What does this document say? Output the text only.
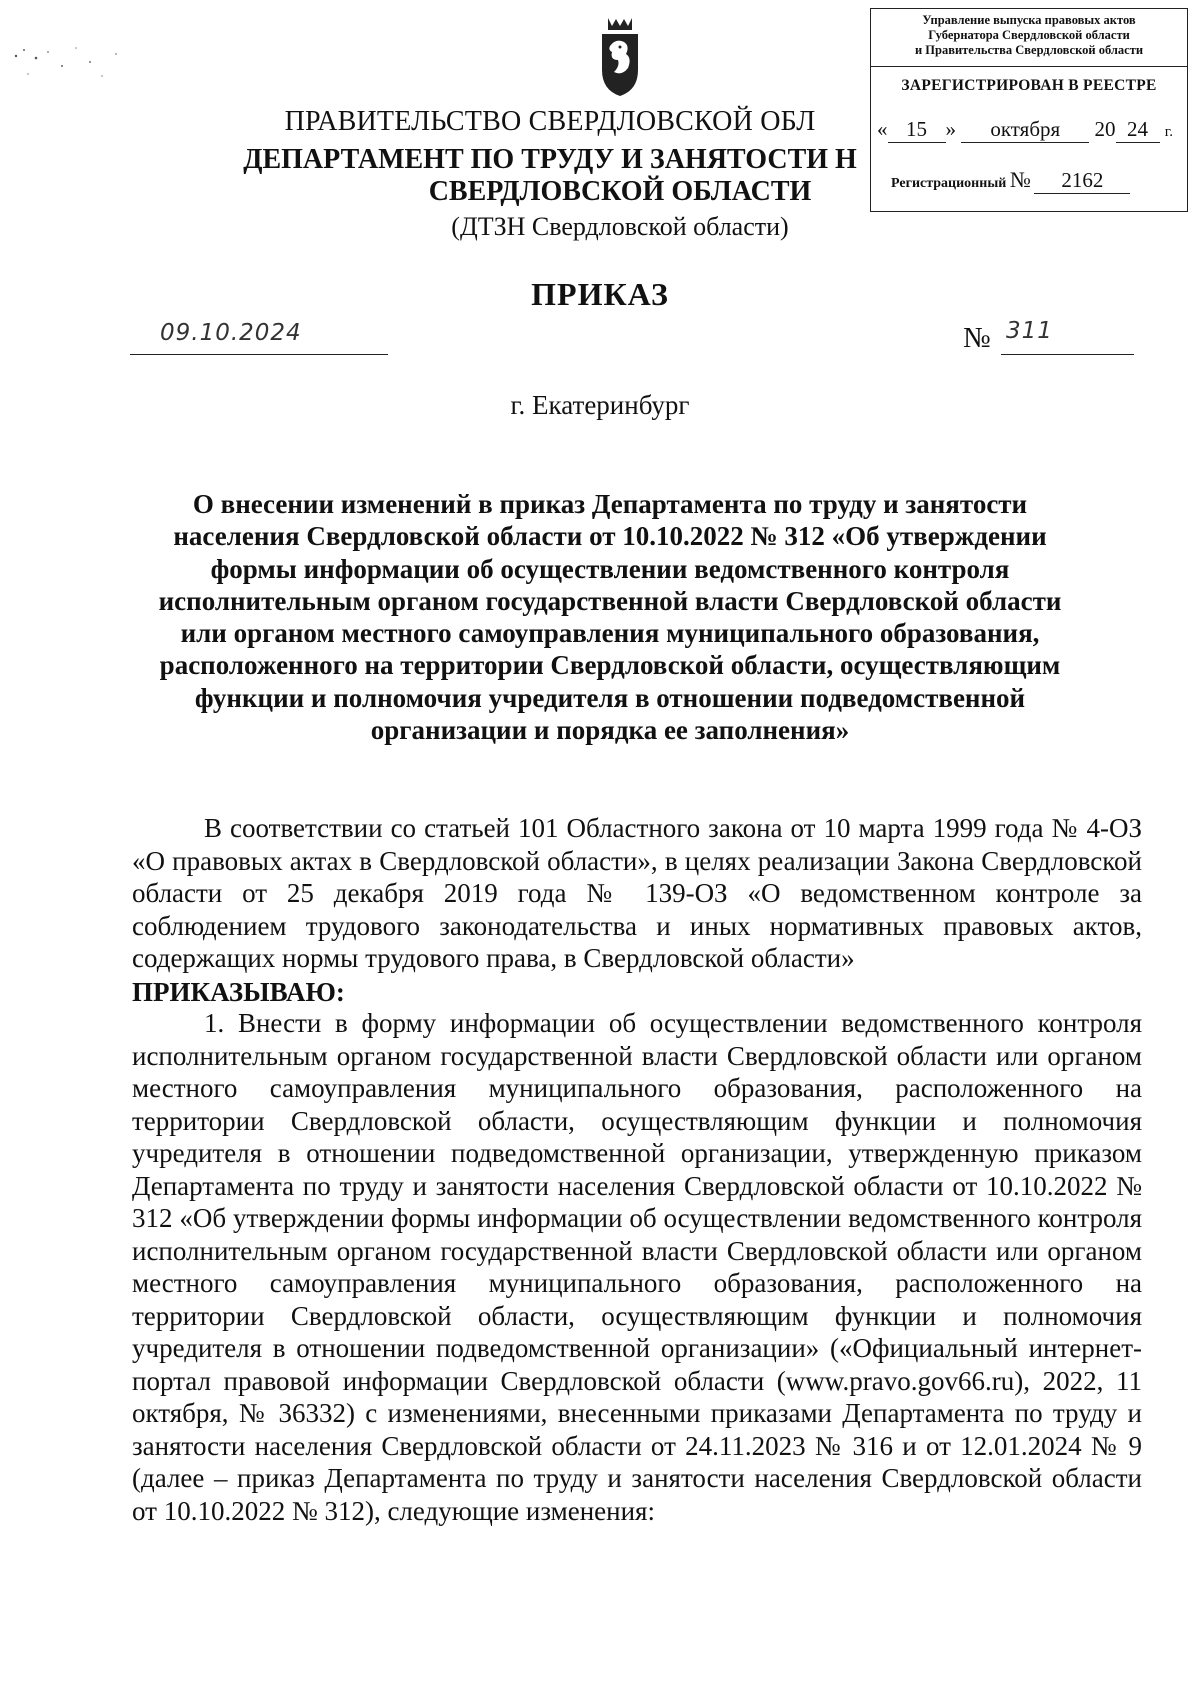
ПРАВИТЕЛЬСТВО СВЕРДЛОВСКОЙ ОБЛ
ДЕПАРТАМЕНТ ПО ТРУДУ И ЗАНЯТОСТИ Н
СВЕРДЛОВСКОЙ ОБЛАСТИ
(ДТЗН Свердловской области)
Управление выпуска правовых актов
Губернатора Свердловской области
и Правительства Свердловской области
ЗАРЕГИСТРИРОВАН В РЕЕСТРЕ
« 15 » октября 20 24 г.
Регистрационный № 2162
ПРИКАЗ
09.10.2024	№ 311
г. Екатеринбург
О внесении изменений в приказ Департамента по труду и занятости населения Свердловской области от 10.10.2022 № 312 «Об утверждении формы информации об осуществлении ведомственного контроля исполнительным органом государственной власти Свердловской области или органом местного самоуправления муниципального образования, расположенного на территории Свердловской области, осуществляющим функции и полномочия учредителя в отношении подведомственной организации и порядка ее заполнения»
В соответствии со статьей 101 Областного закона от 10 марта 1999 года № 4-ОЗ «О правовых актах в Свердловской области», в целях реализации Закона Свердловской области от 25 декабря 2019 года № 139-ОЗ «О ведомственном контроле за соблюдением трудового законодательства и иных нормативных правовых актов, содержащих нормы трудового права, в Свердловской области»
ПРИКАЗЫВАЮ:
1. Внести в форму информации об осуществлении ведомственного контроля исполнительным органом государственной власти Свердловской области или органом местного самоуправления муниципального образования, расположенного на территории Свердловской области, осуществляющим функции и полномочия учредителя в отношении подведомственной организации, утвержденную приказом Департамента по труду и занятости населения Свердловской области от 10.10.2022 № 312 «Об утверждении формы информации об осуществлении ведомственного контроля исполнительным органом государственной власти Свердловской области или органом местного самоуправления муниципального образования, расположенного на территории Свердловской области, осуществляющим функции и полномочия учредителя в отношении подведомственной организации» («Официальный интернет-портал правовой информации Свердловской области (www.pravo.gov66.ru), 2022, 11 октября, № 36332) с изменениями, внесенными приказами Департамента по труду и занятости населения Свердловской области от 24.11.2023 № 316 и от 12.01.2024 № 9 (далее – приказ Департамента по труду и занятости населения Свердловской области от 10.10.2022 № 312), следующие изменения:
